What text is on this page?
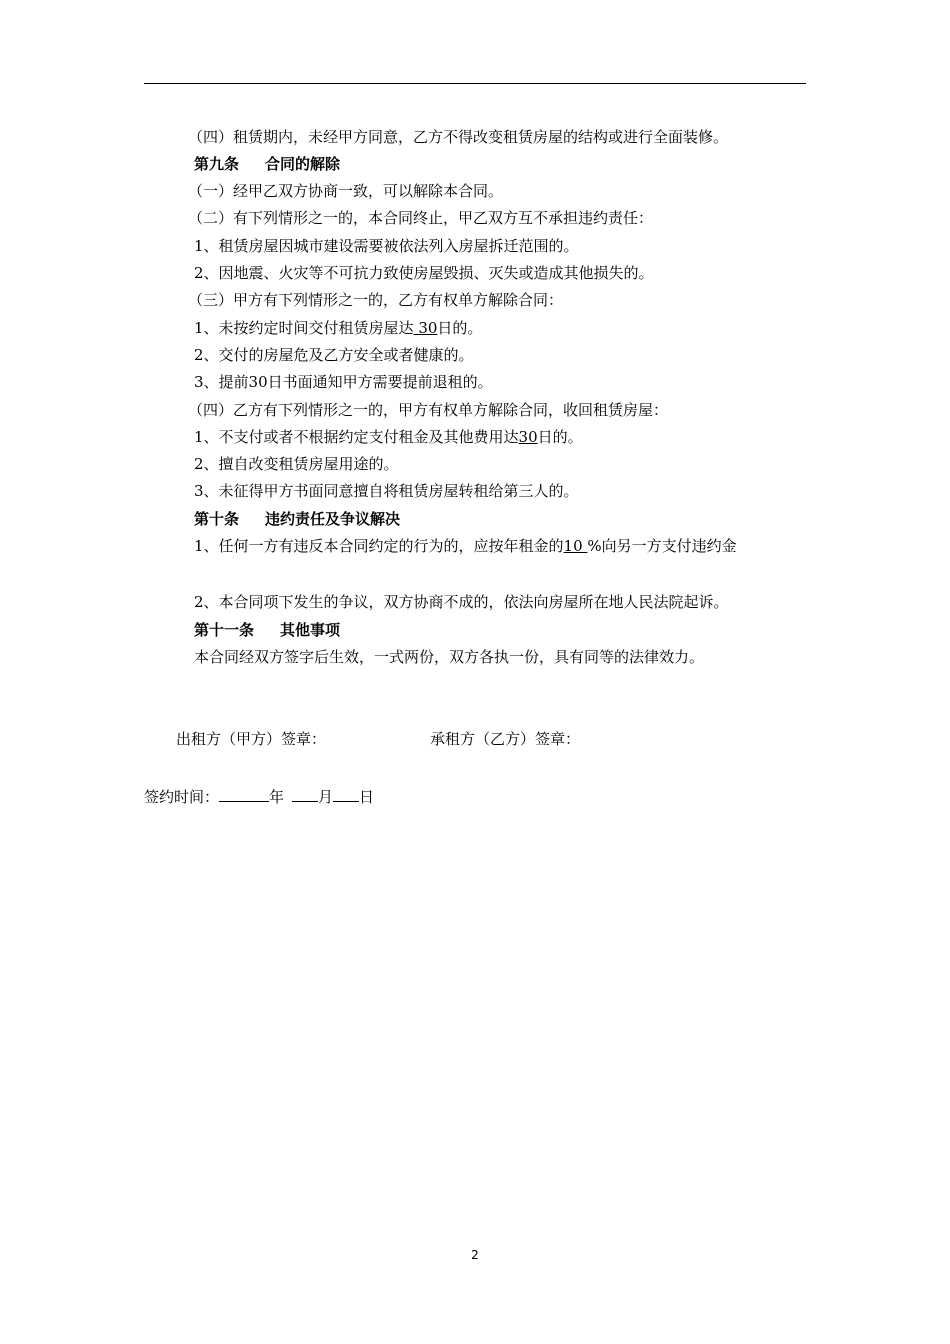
（四）租赁期内，未经甲方同意，乙方不得改变租赁房屋的结构或进行全面装修。
第九条 合同的解除
（一）经甲乙双方协商一致，可以解除本合同。
（二）有下列情形之一的，本合同终止，甲乙双方互不承担违约责任：
1、租赁房屋因城市建设需要被依法列入房屋拆迁范围的。
2、因地震、火灾等不可抗力致使房屋毁损、灭失或造成其他损失的。
（三）甲方有下列情形之一的，乙方有权单方解除合同：
1、未按约定时间交付租赁房屋达 30日的。
2、交付的房屋危及乙方安全或者健康的。
3、提前30日书面通知甲方需要提前退租的。
（四）乙方有下列情形之一的，甲方有权单方解除合同，收回租赁房屋：
1、不支付或者不根据约定支付租金及其他费用达30日的。
2、擅自改变租赁房屋用途的。
3、未征得甲方书面同意擅自将租赁房屋转租给第三人的。
第十条 违约责任及争议解决
1、任何一方有违反本合同约定的行为的，应按年租金的10 %向另一方支付违约金
2、本合同项下发生的争议，双方协商不成的，依法向房屋所在地人民法院起诉。
第十一条 其他事项
本合同经双方签字后生效，一式两份，双方各执一份，具有同等的法律效力。
出租方（甲方）签章：	承租方（乙方）签章：
签约时间：	年 月 日
2
